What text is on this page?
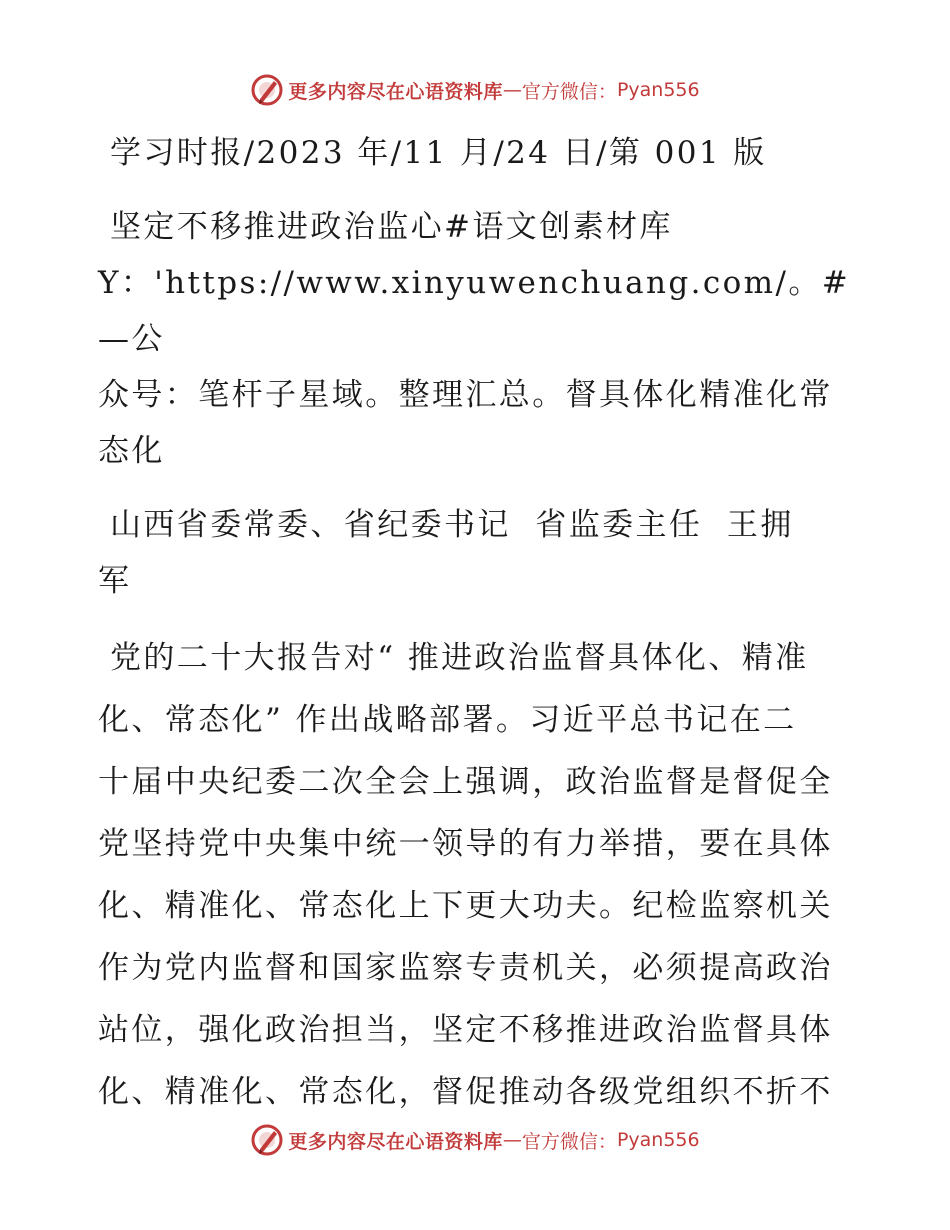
更多内容尽在心语资料库 — 官方微信： Pyan556

学习时报/2023 年/11 月/24 日/第 001 版

坚定不移推进政治监心#语文创素材库

Y：'https://www.xinyuwenchuang.com/。#—公

众号：笔杆子星域。整理汇总。督具体化精准化常

态化

山西省委常委、省纪委书记  省监委主任  王拥

军

党的二十大报告对“ 推进政治监督具体化、精准

化、常态化” 作出战略部署。习近平总书记在二

十届中央纪委二次全会上强调，政治监督是督促全

党坚持党中央集中统一领导的有力举措，要在具体

化、精准化、常态化上下更大功夫。纪检监察机关

作为党内监督和国家监察专责机关，必须提高政治

站位，强化政治担当，坚定不移推进政治监督具体

化、精准化、常态化，督促推动各级党组织不折不

更多内容尽在心语资料库 — 官方微信： Pyan556
